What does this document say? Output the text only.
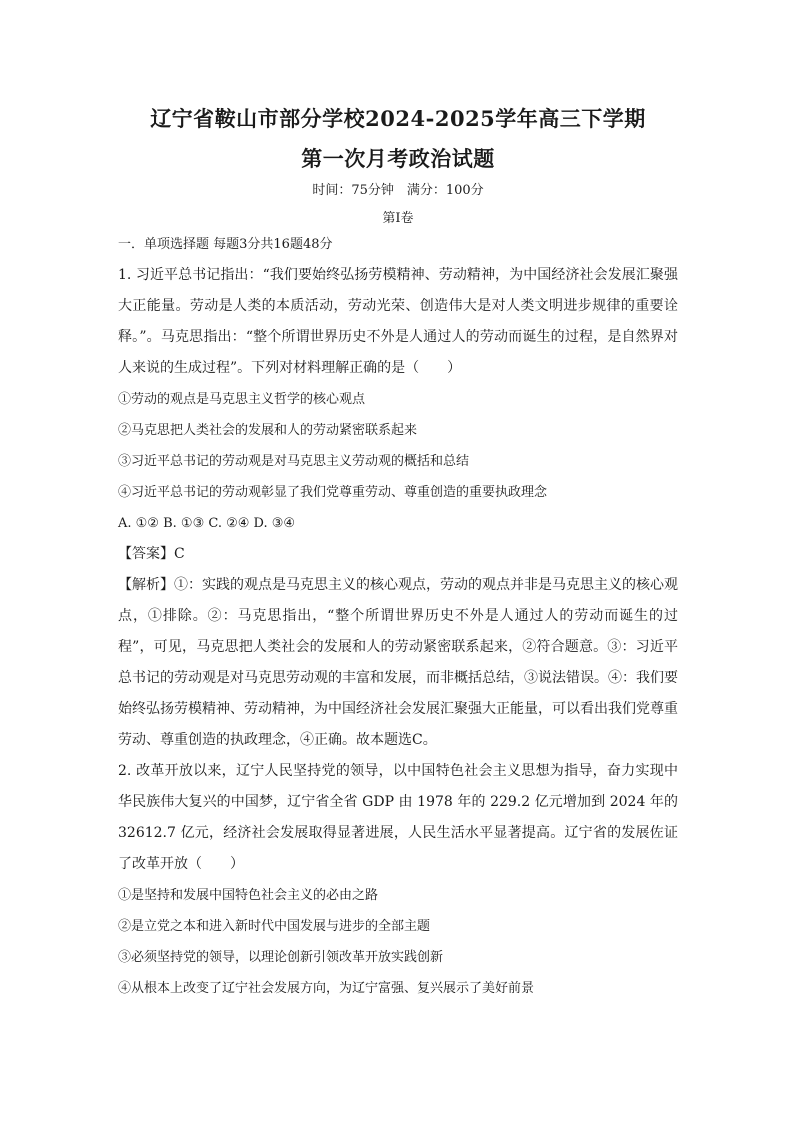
辽宁省鞍山市部分学校2024-2025学年高三下学期
第一次月考政治试题
时间：75分钟　满分：100分
第Ⅰ卷
一．单项选择题 每题3分共16题48分

1. 习近平总书记指出：“我们要始终弘扬劳模精神、劳动精神，为中国经济社会发展汇聚强大正能量。劳动是人类的本质活动，劳动光荣、创造伟大是对人类文明进步规律的重要诠释。”。马克思指出：“整个所谓世界历史不外是人通过人的劳动而诞生的过程，是自然界对人来说的生成过程”。下列对材料理解正确的是（　　）

①劳动的观点是马克思主义哲学的核心观点

②马克思把人类社会的发展和人的劳动紧密联系起来

③习近平总书记的劳动观是对马克思主义劳动观的概括和总结

④习近平总书记的劳动观彰显了我们党尊重劳动、尊重创造的重要执政理念

A. ①② B. ①③ C. ②④ D. ③④

【答案】C

【解析】①：实践的观点是马克思主义的核心观点，劳动的观点并非是马克思主义的核心观点，①排除。②：马克思指出，“整个所谓世界历史不外是人通过人的劳动而诞生的过程”，可见，马克思把人类社会的发展和人的劳动紧密联系起来，②符合题意。③：习近平总书记的劳动观是对马克思劳动观的丰富和发展，而非概括总结，③说法错误。④：我们要始终弘扬劳模精神、劳动精神，为中国经济社会发展汇聚强大正能量，可以看出我们党尊重劳动、尊重创造的执政理念，④正确。故本题选C。

2. 改革开放以来，辽宁人民坚持党的领导，以中国特色社会主义思想为指导，奋力实现中华民族伟大复兴的中国梦，辽宁省全省 GDP 由 1978 年的 229.2 亿元增加到 2024 年的 32612.7 亿元，经济社会发展取得显著进展，人民生活水平显著提高。辽宁省的发展佐证了改革开放（　　）

①是坚持和发展中国特色社会主义的必由之路

②是立党之本和进入新时代中国发展与进步的全部主题

③必须坚持党的领导，以理论创新引领改革开放实践创新

④从根本上改变了辽宁社会发展方向，为辽宁富强、复兴展示了美好前景
